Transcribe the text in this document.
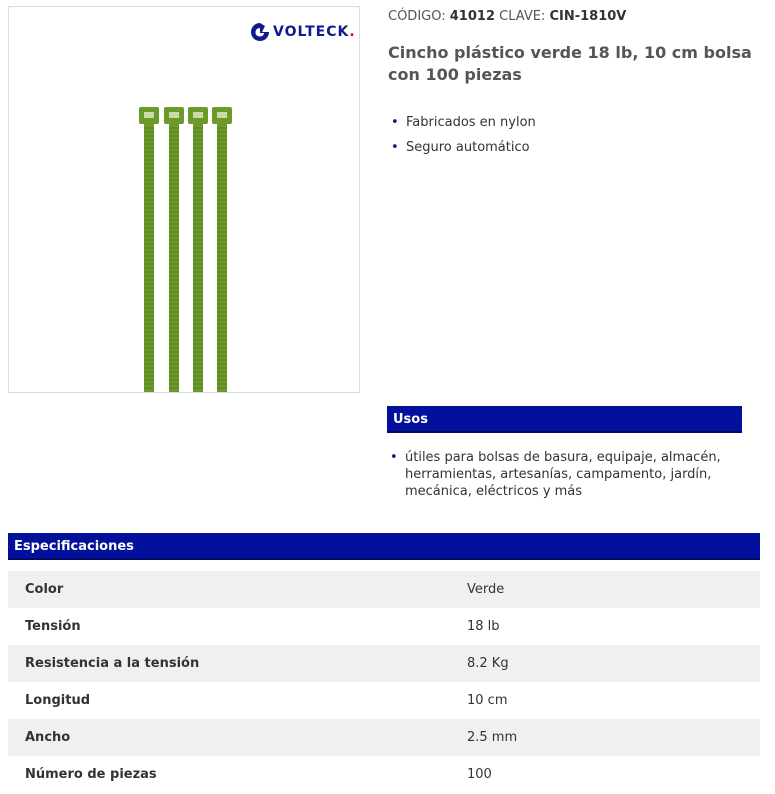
VOLTECK.
CÓDIGO: 41012 CLAVE: CIN-1810V
Cincho plástico verde 18 lb, 10 cm bolsa con 100 piezas
• Fabricados en nylon
• Seguro automático
Usos
• útiles para bolsas de basura, equipaje, almacén, herramientas, artesanías, campamento, jardín, mecánica, eléctricos y más
Especificaciones
Color	Verde
Tensión	18 lb
Resistencia a la tensión	8.2 Kg
Longitud	10 cm
Ancho	2.5 mm
Número de piezas	100
